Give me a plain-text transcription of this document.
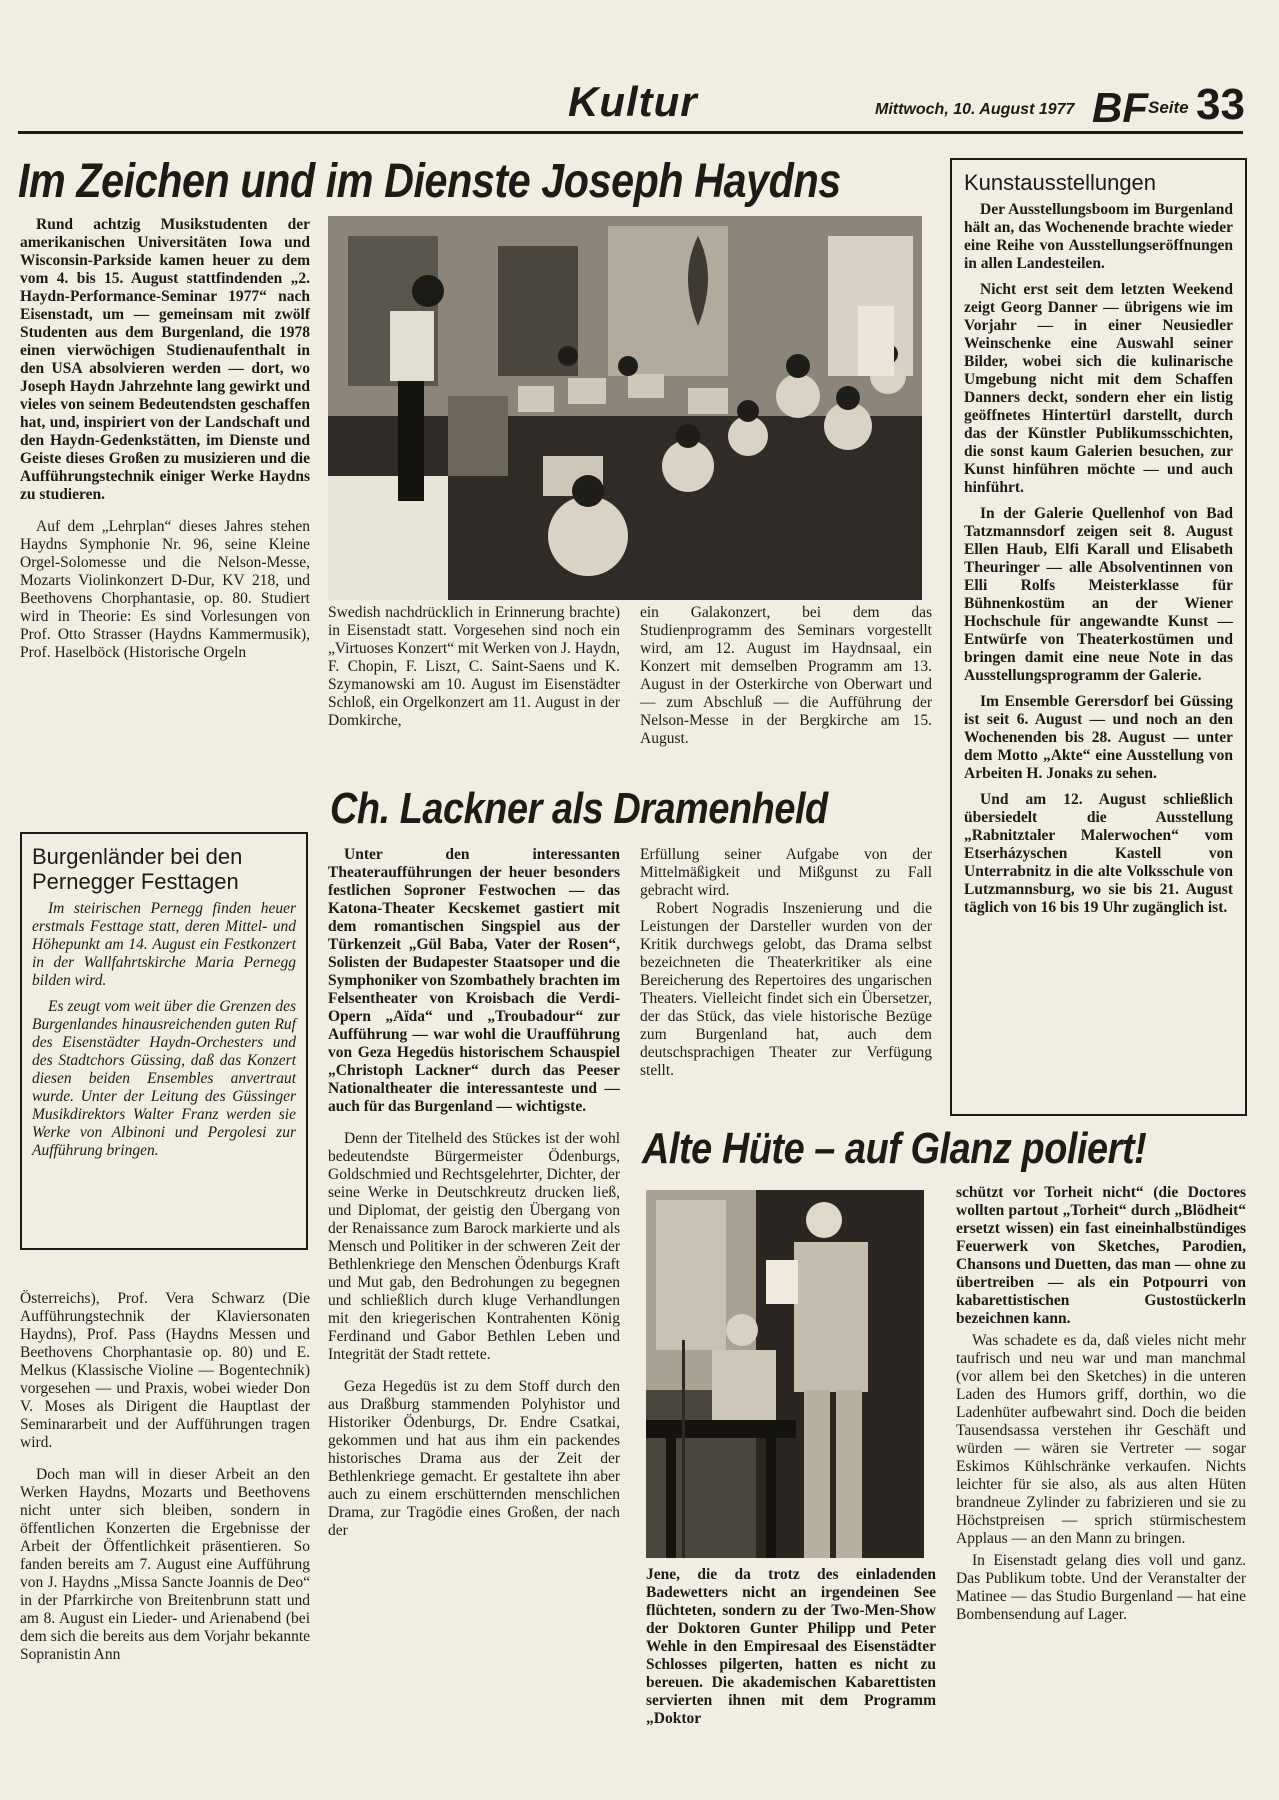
Kultur	Mittwoch, 10. August 1977 BF Seite 33
Im Zeichen und im Dienste Joseph Haydns

Rund achtzig Musikstudenten der amerikanischen Universitäten Iowa und Wisconsin-Parkside kamen heuer zu dem vom 4. bis 15. August stattfindenden „2. Haydn-Performance-Seminar 1977“ nach Eisenstadt, um — gemeinsam mit zwölf Studenten aus dem Burgenland, die 1978 einen vierwöchigen Studienaufenthalt in den USA absolvieren werden — dort, wo Joseph Haydn Jahrzehnte lang gewirkt und vieles von seinem Bedeutendsten geschaffen hat, und, inspiriert von der Landschaft und den Haydn-Gedenkstätten, im Dienste und Geiste dieses Großen zu musizieren und die Aufführungstechnik einiger Werke Haydns zu studieren.

Auf dem „Lehrplan“ dieses Jahres stehen Haydns Symphonie Nr. 96, seine Kleine Orgel-Solomesse und die Nelson-Messe, Mozarts Violinkonzert D-Dur, KV 218, und Beethovens Chorphantasie, op. 80. Studiert wird in Theorie: Es sind Vorlesungen von Prof. Otto Strasser (Haydns Kammermusik), Prof. Haselböck (Historische Orgeln

Burgenländer bei den Pernegger Festtagen

Im steirischen Pernegg finden heuer erstmals Festtage statt, deren Mittel- und Höhepunkt am 14. August ein Festkonzert in der Wallfahrtskirche Maria Pernegg bilden wird.

Es zeugt vom weit über die Grenzen des Burgenlandes hinausreichenden guten Ruf des Eisenstädter Haydn-Orchesters und des Stadtchors Güssing, daß das Konzert diesen beiden Ensembles anvertraut wurde. Unter der Leitung des Güssinger Musikdirektors Walter Franz werden sie Werke von Albinoni und Pergolesi zur Aufführung bringen.

Österreichs), Prof. Vera Schwarz (Die Aufführungstechnik der Klaviersonaten Haydns), Prof. Pass (Haydns Messen und Beethovens Chorphantasie op. 80) und E. Melkus (Klassische Violine — Bogentechnik) vorgesehen — und Praxis, wobei wieder Don V. Moses als Dirigent die Hauptlast der Seminararbeit und der Aufführungen tragen wird.

Doch man will in dieser Arbeit an den Werken Haydns, Mozarts und Beethovens nicht unter sich bleiben, sondern in öffentlichen Konzerten die Ergebnisse der Arbeit der Öffentlichkeit präsentieren. So fanden bereits am 7. August eine Aufführung von J. Haydns „Missa Sancte Joannis de Deo“ in der Pfarrkirche von Breitenbrunn statt und am 8. August ein Lieder- und Arienabend (bei dem sich die bereits aus dem Vorjahr bekannte Sopranistin Ann

Swedish nachdrücklich in Erinnerung brachte) in Eisenstadt statt. Vorgesehen sind noch ein „Virtuoses Konzert“ mit Werken von J. Haydn, F. Chopin, F. Liszt, C. Saint-Saens und K. Szymanowski am 10. August im Eisenstädter Schloß, ein Orgelkonzert am 11. August in der Domkirche,

ein Galakonzert, bei dem das Studienprogramm des Seminars vorgestellt wird, am 12. August im Haydnsaal, ein Konzert mit demselben Programm am 13. August in der Osterkirche von Oberwart und — zum Abschluß — die Aufführung der Nelson-Messe in der Bergkirche am 15. August.

Kunstausstellungen

Der Ausstellungsboom im Burgenland hält an, das Wochenende brachte wieder eine Reihe von Ausstellungseröffnungen in allen Landesteilen.

Nicht erst seit dem letzten Weekend zeigt Georg Danner — übrigens wie im Vorjahr — in einer Neusiedler Weinschenke eine Auswahl seiner Bilder, wobei sich die kulinarische Umgebung nicht mit dem Schaffen Danners deckt, sondern eher ein listig geöffnetes Hintertürl darstellt, durch das der Künstler Publikumsschichten, die sonst kaum Galerien besuchen, zur Kunst hinführen möchte — und auch hinführt.

In der Galerie Quellenhof von Bad Tatzmannsdorf zeigen seit 8. August Ellen Haub, Elfi Karall und Elisabeth Theuringer — alle Absolventinnen von Elli Rolfs Meisterklasse für Bühnenkostüm an der Wiener Hochschule für angewandte Kunst — Entwürfe von Theaterkostümen und bringen damit eine neue Note in das Ausstellungsprogramm der Galerie.

Im Ensemble Gerersdorf bei Güssing ist seit 6. August — und noch an den Wochenenden bis 28. August — unter dem Motto „Akte“ eine Ausstellung von Arbeiten H. Jonaks zu sehen.

Und am 12. August schließlich übersiedelt die Ausstellung „Rabnitztaler Malerwochen“ vom Etserházyschen Kastell von Unterrabnitz in die alte Volksschule von Lutzmannsburg, wo sie bis 21. August täglich von 16 bis 19 Uhr zugänglich ist.

Ch. Lackner als Dramenheld

Unter den interessanten Theateraufführungen der heuer besonders festlichen Soproner Festwochen — das Katona-Theater Kecskemet gastiert mit dem romantischen Singspiel aus der Türkenzeit „Gül Baba, Vater der Rosen“, Solisten der Budapester Staatsoper und die Symphoniker von Szombathely brachten im Felsentheater von Kroisbach die Verdi-Opern „Aïda“ und „Troubadour“ zur Aufführung — war wohl die Uraufführung von Geza Hegedüs historischem Schauspiel „Christoph Lackner“ durch das Peeser Nationaltheater die interessanteste und — auch für das Burgenland — wichtigste.

Denn der Titelheld des Stückes ist der wohl bedeutendste Bürgermeister Ödenburgs, Goldschmied und Rechtsgelehrter, Dichter, der seine Werke in Deutschkreutz drucken ließ, und Diplomat, der geistig den Übergang von der Renaissance zum Barock markierte und als Mensch und Politiker in der schweren Zeit der Bethlenkriege den Menschen Ödenburgs Kraft und Mut gab, den Bedrohungen zu begegnen und schließlich durch kluge Verhandlungen mit den kriegerischen Kontrahenten König Ferdinand und Gabor Bethlen Leben und Integrität der Stadt rettete.

Geza Hegedüs ist zu dem Stoff durch den aus Draßburg stammenden Polyhistor und Historiker Ödenburgs, Dr. Endre Csatkai, gekommen und hat aus ihm ein packendes historisches Drama aus der Zeit der Bethlenkriege gemacht. Er gestaltete ihn aber auch zu einem erschütternden menschlichen Drama, zur Tragödie eines Großen, der nach der

Erfüllung seiner Aufgabe von der Mittelmäßigkeit und Mißgunst zu Fall gebracht wird.

Robert Nogradis Inszenierung und die Leistungen der Darsteller wurden von der Kritik durchwegs gelobt, das Drama selbst bezeichneten die Theaterkritiker als eine Bereicherung des Repertoires des ungarischen Theaters. Vielleicht findet sich ein Übersetzer, der das Stück, das viele historische Bezüge zum Burgenland hat, auch dem deutschsprachigen Theater zur Verfügung stellt.

Alte Hüte – auf Glanz poliert!
Jene, die da trotz des einladenden Badewetters nicht an irgendeinen See flüchteten, sondern zu der Two-Men-Show der Doktoren Gunter Philipp und Peter Wehle in den Empiresaal des Eisenstädter Schlosses pilgerten, hatten es nicht zu bereuen. Die akademischen Kabarettisten servierten ihnen mit dem Programm „Doktor

schützt vor Torheit nicht“ (die Doctores wollten partout „Torheit“ durch „Blödheit“ ersetzt wissen) ein fast eineinhalbstündiges Feuerwerk von Sketches, Parodien, Chansons und Duetten, das man — ohne zu übertreiben — als ein Potpourri von kabarettistischen Gustostückerln bezeichnen kann.

Was schadete es da, daß vieles nicht mehr taufrisch und neu war und man manchmal (vor allem bei den Sketches) in die unteren Laden des Humors griff, dorthin, wo die Ladenhüter aufbewahrt sind. Doch die beiden Tausendsassa verstehen ihr Geschäft und würden — wären sie Vertreter — sogar Eskimos Kühlschränke verkaufen. Nichts leichter für sie also, als aus alten Hüten brandneue Zylinder zu fabrizieren und sie zu Höchstpreisen — sprich stürmischestem Applaus — an den Mann zu bringen.

In Eisenstadt gelang dies voll und ganz. Das Publikum tobte. Und der Veranstalter der Matinee — das Studio Burgenland — hat eine Bombensendung auf Lager.
